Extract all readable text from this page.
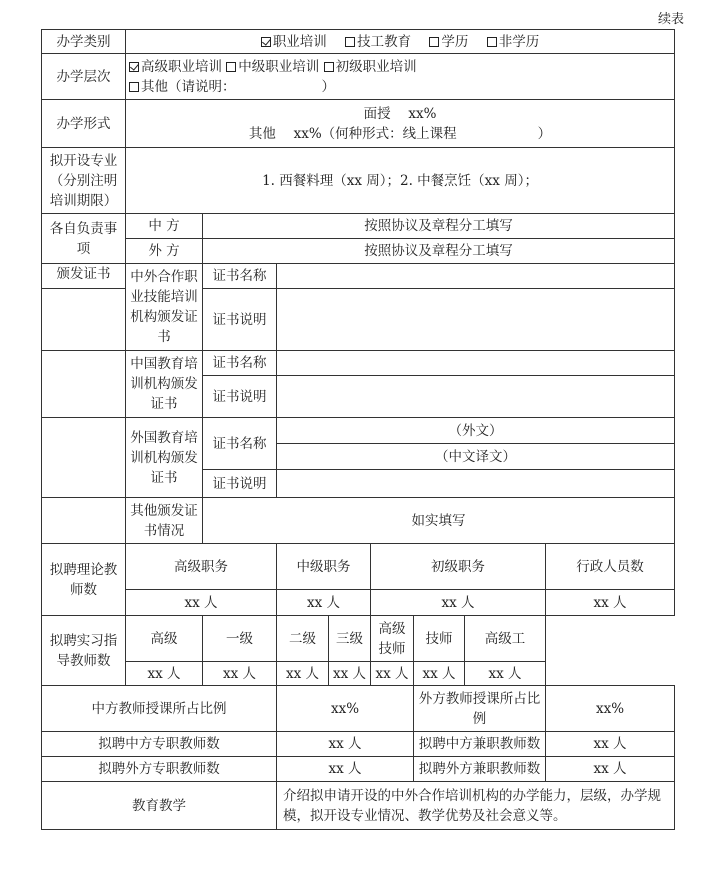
续表
办学类别	职业培训 技工教育 学历 非学历							
办学层次	高级职业培训 中级职业培训 初级职业培训
其他（请说明： ）							

办学形式	面授　 xx%
其他　 xx%（何种形式：线上课程　　　　　　）							

拟开设专业（分别注明培训期限）	1. 西餐料理（xx 周）；2. 中餐烹饪（xx 周）；							
各自负责事项	中 方	按照协议及章程分工填写						
	外 方	按照协议及章程分工填写						
颁发证书	中外合作职业技能培训机构颁发证书	证书名称						
		证书说明						
	中国教育培训机构颁发证书	证书名称						
		证书说明						
	外国教育培训机构颁发证书	证书名称	（外文）					
			（中文译文）					
		证书说明						
	其他颁发证书情况	如实填写						
拟聘理论教师数	高级职务		中级职务		初级职务			行政人员数
	xx 人		xx 人		xx 人			xx 人
拟聘实习指导教师数	高级	一级	二级	三级	高级技师	技师	高级工	
	xx 人	xx 人	xx 人	xx 人	xx 人	xx 人	xx 人	
中方教师授课所占比例			xx%			外方教师授课所占比例		xx%
拟聘中方专职教师数			xx 人			拟聘中方兼职教师数		xx 人
拟聘外方专职教师数			xx 人			拟聘外方兼职教师数		xx 人
教育教学			介绍拟申请开设的中外合作培训机构的办学能力，层级，办学规模，拟开设专业情况、教学优势及社会意义等。					
